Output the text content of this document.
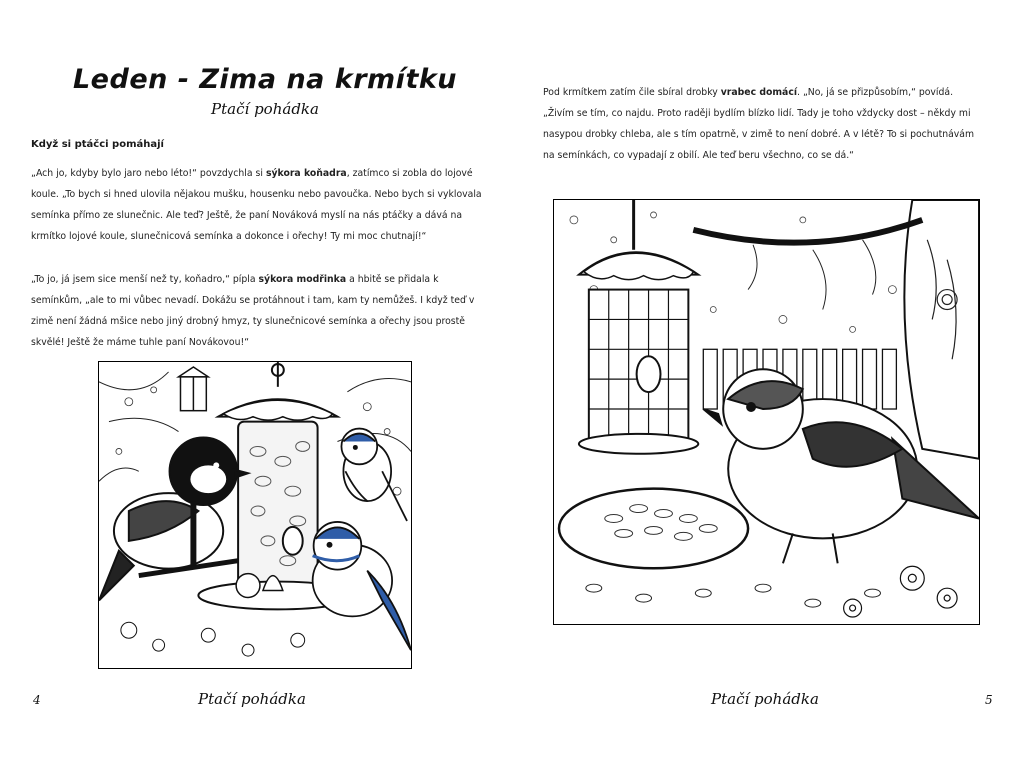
Leden - Zima na krmítku
Ptačí pohádka
Když si ptáčci pomáhají

„Ach jo, kdyby bylo jaro nebo léto!“ povzdychla si sýkora koňadra, zatímco si zobla do lojové koule. „To bych si hned ulovila nějakou mušku, housenku nebo pavoučka. Nebo bych si vyklovala semínka přímo ze slunečnic. Ale teď? Ještě, že paní Nováková myslí na nás ptáčky a dává na krmítko lojové koule, slunečnicová semínka a dokonce i ořechy! Ty mi moc chutnají!“

„To jo, já jsem sice menší než ty, koňadro,“ pípla sýkora modřinka a hbitě se přidala k semínkům, „ale to mi vůbec nevadí. Dokážu se protáhnout i tam, kam ty nemůžeš. I když teď v zimě není žádná mšice nebo jiný drobný hmyz, ty slunečnicové semínka a ořechy jsou prostě skvělé! Ještě že máme tuhle paní Novákovou!“

Ptačí pohádka
4

Pod krmítkem zatím čile sbíral drobky vrabec domácí. „No, já se přizpůsobím,“ povídá. „Živím se tím, co najdu. Proto raději bydlím blízko lidí. Tady je toho vždycky dost – někdy mi nasypou drobky chleba, ale s tím opatrně, v zimě to není dobré. A v létě? To si pochutnávám na semínkách, co vypadají z obilí. Ale teď beru všechno, co se dá.“

Ptačí pohádka	5
